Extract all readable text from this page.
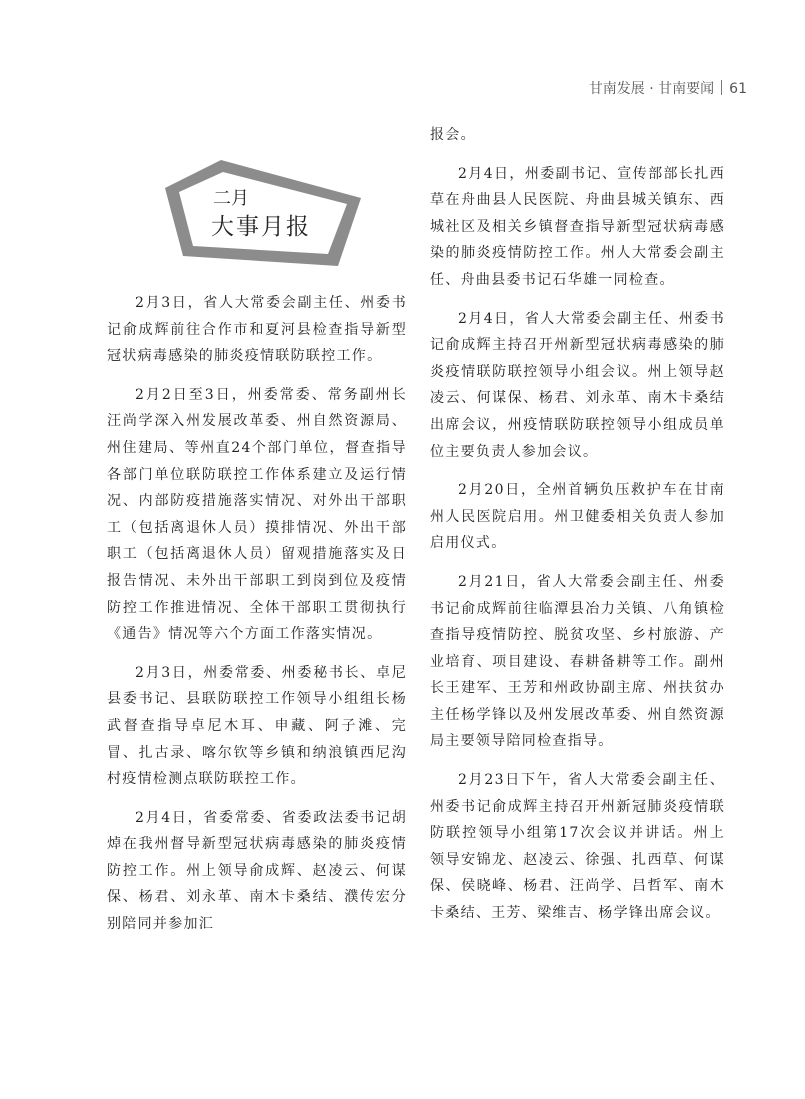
甘南发展 · 甘南要闻 61
二月
大事月报

2月3日，省人大常委会副主任、州委书记俞成辉前往合作市和夏河县检查指导新型冠状病毒感染的肺炎疫情联防联控工作。

2月2日至3日，州委常委、常务副州长汪尚学深入州发展改革委、州自然资源局、州住建局、等州直24个部门单位，督查指导各部门单位联防联控工作体系建立及运行情况、内部防疫措施落实情况、对外出干部职工（包括离退休人员）摸排情况、外出干部职工（包括离退休人员）留观措施落实及日报告情况、未外出干部职工到岗到位及疫情防控工作推进情况、全体干部职工贯彻执行《通告》情况等六个方面工作落实情况。

2月3日，州委常委、州委秘书长、卓尼县委书记、县联防联控工作领导小组组长杨武督查指导卓尼木耳、申藏、阿子滩、完冒、扎古录、喀尔钦等乡镇和纳浪镇西尼沟村疫情检测点联防联控工作。

2月4日，省委常委、省委政法委书记胡焯在我州督导新型冠状病毒感染的肺炎疫情防控工作。州上领导俞成辉、赵凌云、何谋保、杨君、刘永革、南木卡桑结、濮传宏分别陪同并参加汇

报会。

2月4日，州委副书记、宣传部部长扎西草在舟曲县人民医院、舟曲县城关镇东、西城社区及相关乡镇督查指导新型冠状病毒感染的肺炎疫情防控工作。州人大常委会副主任、舟曲县委书记石华雄一同检查。

2月4日，省人大常委会副主任、州委书记俞成辉主持召开州新型冠状病毒感染的肺炎疫情联防联控领导小组会议。州上领导赵凌云、何谋保、杨君、刘永革、南木卡桑结出席会议，州疫情联防联控领导小组成员单位主要负责人参加会议。

2月20日，全州首辆负压救护车在甘南州人民医院启用。州卫健委相关负责人参加启用仪式。

2月21日，省人大常委会副主任、州委书记俞成辉前往临潭县冶力关镇、八角镇检查指导疫情防控、脱贫攻坚、乡村旅游、产业培育、项目建设、春耕备耕等工作。副州长王建军、王芳和州政协副主席、州扶贫办主任杨学锋以及州发展改革委、州自然资源局主要领导陪同检查指导。

2月23日下午，省人大常委会副主任、州委书记俞成辉主持召开州新冠肺炎疫情联防联控领导小组第17次会议并讲话。州上领导安锦龙、赵凌云、徐强、扎西草、何谋保、侯晓峰、杨君、汪尚学、吕哲军、南木卡桑结、王芳、梁维吉、杨学锋出席会议。
